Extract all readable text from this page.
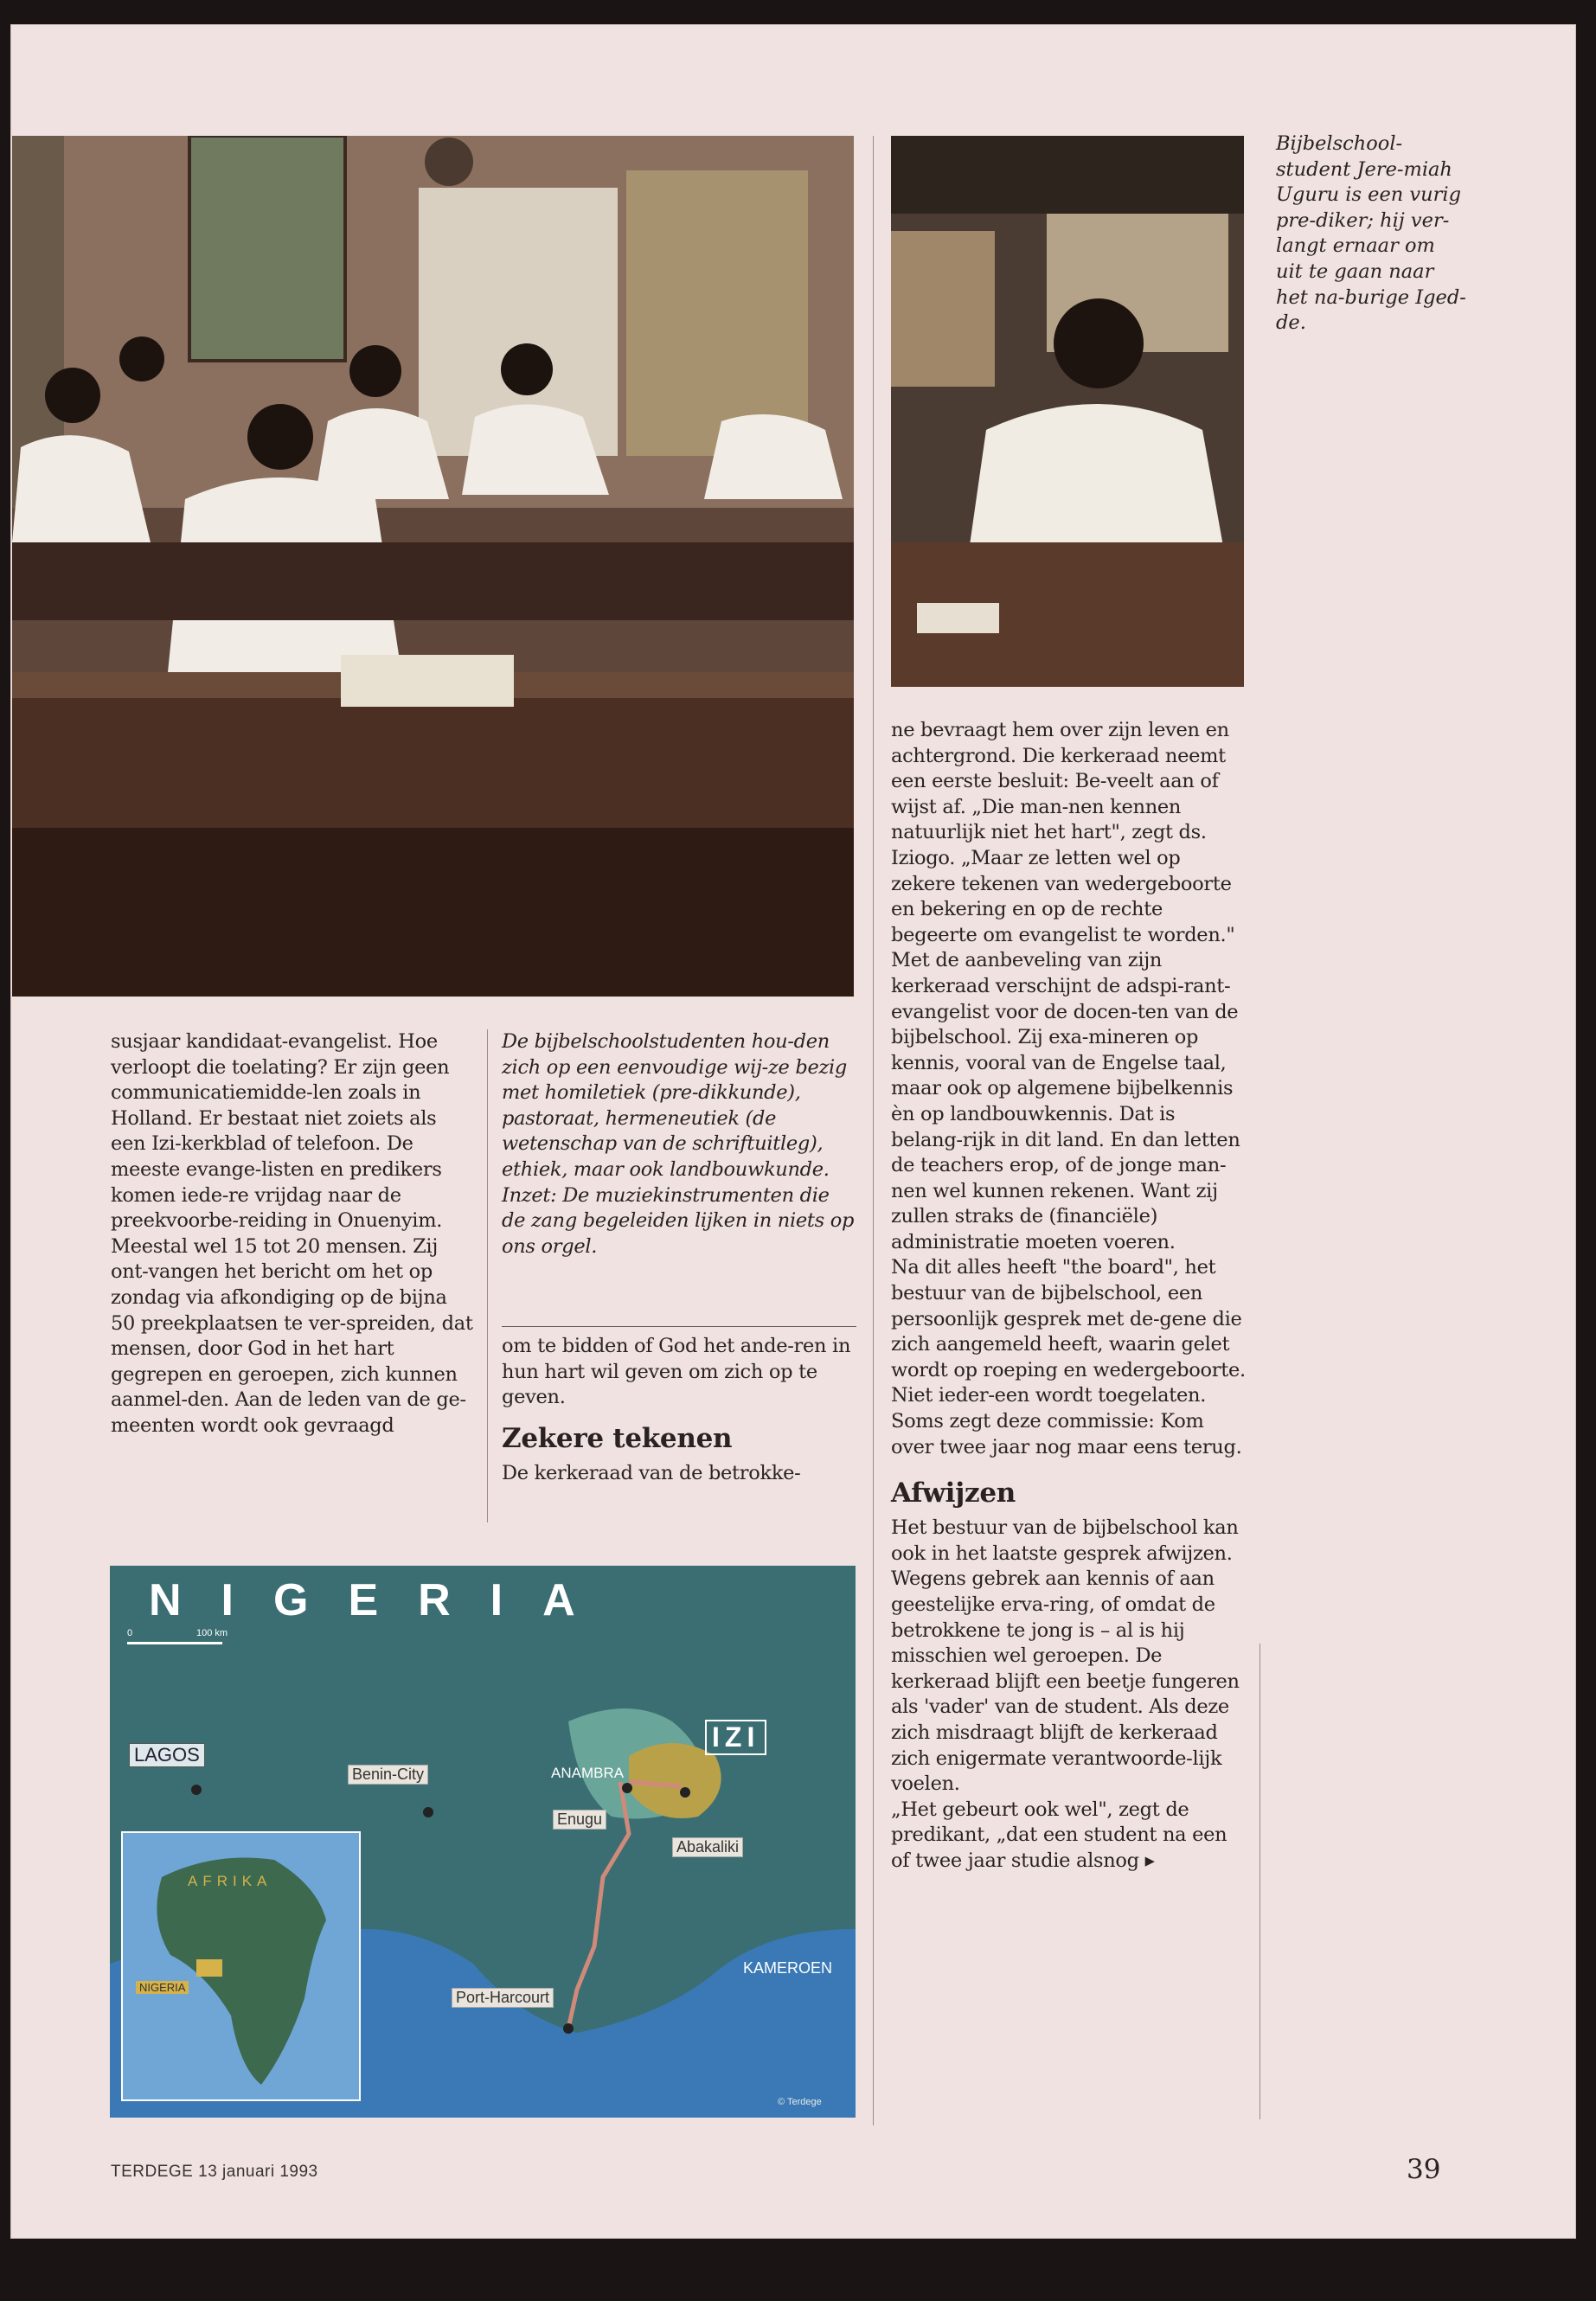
Bijbelschool-student Jere-miah Uguru is een vurig pre-diker; hij ver-langt ernaar om uit te gaan naar het na-burige Iged-de.

susjaar kandidaat-evangelist. Hoe verloopt die toelating? Er zijn geen communicatiemidde-len zoals in Holland. Er bestaat niet zoiets als een Izi-kerkblad of telefoon. De meeste evange-listen en predikers komen iede-re vrijdag naar de preekvoorbe-reiding in Onuenyim. Meestal wel 15 tot 20 mensen. Zij ont-vangen het bericht om het op zondag via afkondiging op de bijna 50 preekplaatsen te ver-spreiden, dat mensen, door God in het hart gegrepen en geroepen, zich kunnen aanmel-den. Aan de leden van de ge-meenten wordt ook gevraagd

De bijbelschoolstudenten hou-den zich op een eenvoudige wij-ze bezig met homiletiek (pre-dikkunde), pastoraat, hermeneutiek (de wetenschap van de schriftuitleg), ethiek, maar ook landbouwkunde. Inzet: De muziekinstrumenten die de zang begeleiden lijken in niets op ons orgel.

om te bidden of God het ande-ren in hun hart wil geven om zich op te geven.

Zekere tekenen

De kerkeraad van de betrokke-

ne bevraagt hem over zijn leven en achtergrond. Die kerkeraad neemt een eerste besluit: Be-veelt aan of wijst af. „Die man-nen kennen natuurlijk niet het hart", zegt ds. Iziogo. „Maar ze letten wel op zekere tekenen van wedergeboorte en bekering en op de rechte begeerte om evangelist te worden."

Met de aanbeveling van zijn kerkeraad verschijnt de adspi-rant-evangelist voor de docen-ten van de bijbelschool. Zij exa-mineren op kennis, vooral van de Engelse taal, maar ook op algemene bijbelkennis èn op landbouwkennis. Dat is belang-rijk in dit land. En dan letten de teachers erop, of de jonge man-nen wel kunnen rekenen. Want zij zullen straks de (financiële) administratie moeten voeren.

Na dit alles heeft "the board", het bestuur van de bijbelschool, een persoonlijk gesprek met de-gene die zich aangemeld heeft, waarin gelet wordt op roeping en wedergeboorte. Niet ieder-een wordt toegelaten. Soms zegt deze commissie: Kom over twee jaar nog maar eens terug.

Afwijzen

Het bestuur van de bijbelschool kan ook in het laatste gesprek afwijzen. Wegens gebrek aan kennis of aan geestelijke erva-ring, of omdat de betrokkene te jong is – al is hij misschien wel geroepen. De kerkeraad blijft een beetje fungeren als 'vader' van de student. Als deze zich misdraagt blijft de kerkeraad zich enigermate verantwoorde-lijk voelen.

„Het gebeurt ook wel", zegt de predikant, „dat een student na een of twee jaar studie alsnog ▸

NIGERIA
0	100 km
LAGOS
Benin-City	ANAMBRA
IZI
Enugu
Abakaliki
Port-Harcourt
KAMEROEN
AFRIKA
NIGERIA
© Terdege
TERDEGE 13 januari 1993	39
